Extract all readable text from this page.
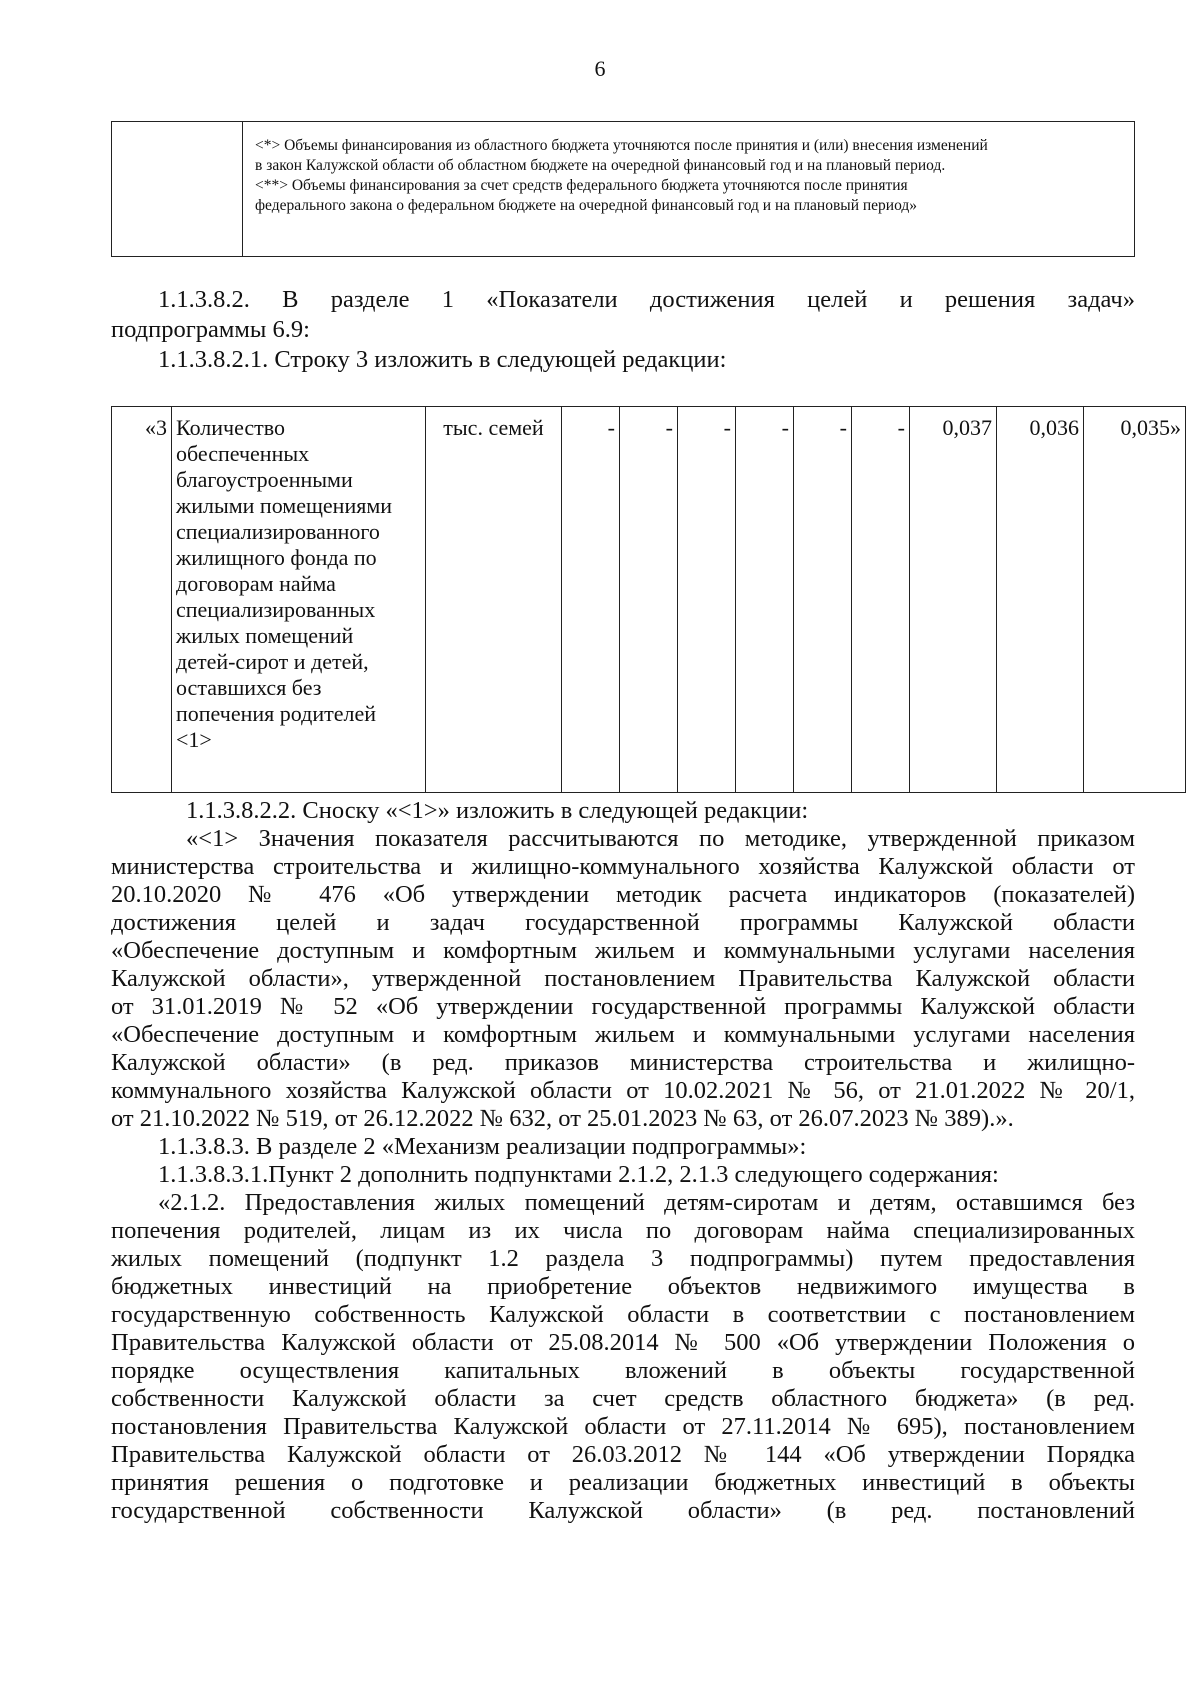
6
<*> Объемы финансирования из областного бюджета уточняются после принятия и (или) внесения изменений
в закон Калужской области об областном бюджете на очередной финансовый год и на плановый период.
<**> Объемы финансирования за счет средств федерального бюджета уточняются после принятия
федерального закона о федеральном бюджете на очередной финансовый год и на плановый период»
1.1.3.8.2. В разделе 1 «Показатели достижения целей и решения задач»
подпрограммы 6.9:
1.1.3.8.2.1. Строку 3 изложить в следующей редакции:
«3	Количество
обеспеченных
благоустроенными
жилыми помещениями
специализированного
жилищного фонда по
договорам найма
специализированных
жилых помещений
детей-сирот и детей,
оставшихся без
попечения родителей
<1>
	тыс. семей	-	-	-	-	-	-	0,037	0,036	0,035»
1.1.3.8.2.2. Сноску «<1>» изложить в следующей редакции:
«<1> Значения показателя рассчитываются по методике, утвержденной приказом
министерства строительства и жилищно-коммунального хозяйства Калужской области от
20.10.2020 № 476 «Об утверждении методик расчета индикаторов (показателей)
достижения целей и задач государственной программы Калужской области
«Обеспечение доступным и комфортным жильем и коммунальными услугами населения
Калужской области», утвержденной постановлением Правительства Калужской области
от 31.01.2019 № 52 «Об утверждении государственной программы Калужской области
«Обеспечение доступным и комфортным жильем и коммунальными услугами населения
Калужской области» (в ред. приказов министерства строительства и жилищно-
коммунального хозяйства Калужской области от 10.02.2021 № 56, от 21.01.2022 № 20/1,
от 21.10.2022 № 519, от 26.12.2022 № 632, от 25.01.2023 № 63, от 26.07.2023 № 389).».
1.1.3.8.3. В разделе 2 «Механизм реализации подпрограммы»:
1.1.3.8.3.1.Пункт 2 дополнить подпунктами 2.1.2, 2.1.3 следующего содержания:
«2.1.2. Предоставления жилых помещений детям-сиротам и детям, оставшимся без
попечения родителей, лицам из их числа по договорам найма специализированных
жилых помещений (подпункт 1.2 раздела 3 подпрограммы) путем предоставления
бюджетных инвестиций на приобретение объектов недвижимого имущества в
государственную собственность Калужской области в соответствии с постановлением
Правительства Калужской области от 25.08.2014 № 500 «Об утверждении Положения о
порядке осуществления капитальных вложений в объекты государственной
собственности Калужской области за счет средств областного бюджета» (в ред.
постановления Правительства Калужской области от 27.11.2014 № 695), постановлением
Правительства Калужской области от 26.03.2012 № 144 «Об утверждении Порядка
принятия решения о подготовке и реализации бюджетных инвестиций в объекты
государственной собственности Калужской области» (в ред. постановлений
